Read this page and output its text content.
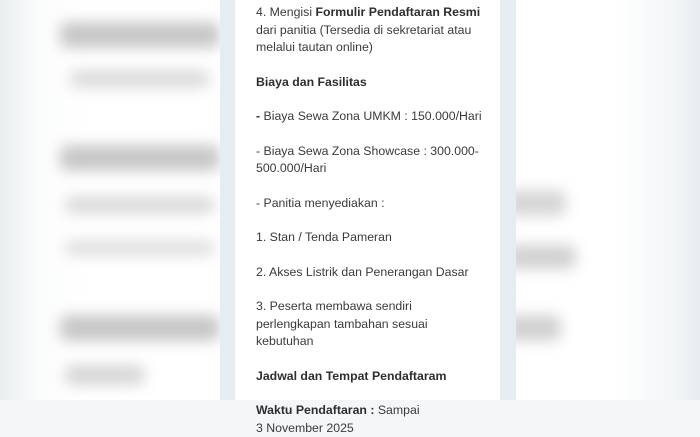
4. Mengisi Formulir Pendaftaran Resmi dari panitia (Tersedia di sekretariat atau melalui tautan online)

Biaya dan Fasilitas

- Biaya Sewa Zona UMKM : 150.000/Hari

- Biaya Sewa Zona Showcase : 300.000-500.000/Hari

- Panitia menyediakan :

1. Stan / Tenda Pameran

2. Akses Listrik dan Penerangan Dasar

3. Peserta membawa sendiri perlengkapan tambahan sesuai kebutuhan

Jadwal dan Tempat Pendaftaram

Waktu Pendaftaran : Sampai
3 November 2025
